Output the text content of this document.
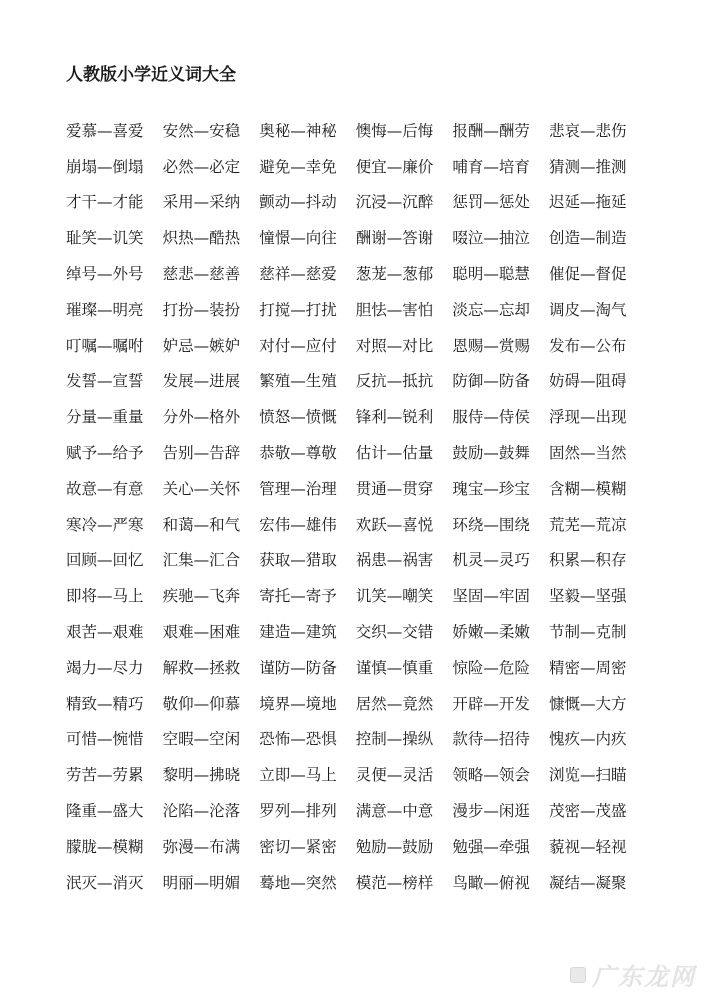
人教版小学近义词大全
爱慕—喜爱	安然—安稳	奥秘—神秘	懊悔—后悔	报酬—酬劳	悲哀—悲伤
崩塌—倒塌	必然—必定	避免—幸免	便宜—廉价	哺育—培育	猜测—推测
才干—才能	采用—采纳	颤动—抖动	沉浸—沉醉	惩罚—惩处	迟延—拖延
耻笑—讥笑	炽热—酷热	憧憬—向往	酬谢—答谢	啜泣—抽泣	创造—制造
绰号—外号	慈悲—慈善	慈祥—慈爱	葱茏—葱郁	聪明—聪慧	催促—督促
璀璨—明亮	打扮—装扮	打搅—打扰	胆怯—害怕	淡忘—忘却	调皮—淘气
叮嘱—嘱咐	妒忌—嫉妒	对付—应付	对照—对比	恩赐—赏赐	发布—公布
发誓—宣誓	发展—进展	繁殖—生殖	反抗—抵抗	防御—防备	妨碍—阻碍
分量—重量	分外—格外	愤怒—愤慨	锋利—锐利	服侍—侍侯	浮现—出现
赋予—给予	告别—告辞	恭敬—尊敬	估计—估量	鼓励—鼓舞	固然—当然
故意—有意	关心—关怀	管理—治理	贯通—贯穿	瑰宝—珍宝	含糊—模糊
寒冷—严寒	和蔼—和气	宏伟—雄伟	欢跃—喜悦	环绕—围绕	荒芜—荒凉
回顾—回忆	汇集—汇合	获取—猎取	祸患—祸害	机灵—灵巧	积累—积存
即将—马上	疾驰—飞奔	寄托—寄予	讥笑—嘲笑	坚固—牢固	坚毅—坚强
艰苦—艰难	艰难—困难	建造—建筑	交织—交错	娇嫩—柔嫩	节制—克制
竭力—尽力	解救—拯救	谨防—防备	谨慎—慎重	惊险—危险	精密—周密
精致—精巧	敬仰—仰慕	境界—境地	居然—竟然	开辟—开发	慷慨—大方
可惜—惋惜	空暇—空闲	恐怖—恐惧	控制—操纵	款待—招待	愧疚—内疚
劳苦—劳累	黎明—拂晓	立即—马上	灵便—灵活	领略—领会	浏览—扫瞄
隆重—盛大	沦陷—沦落	罗列—排列	满意—中意	漫步—闲逛	茂密—茂盛
朦胧—模糊	弥漫—布满	密切—紧密	勉励—鼓励	勉强—牵强	藐视—轻视
泯灭—消灭	明丽—明媚	蓦地—突然	模范—榜样	鸟瞰—俯视	凝结—凝聚
广东龙网
